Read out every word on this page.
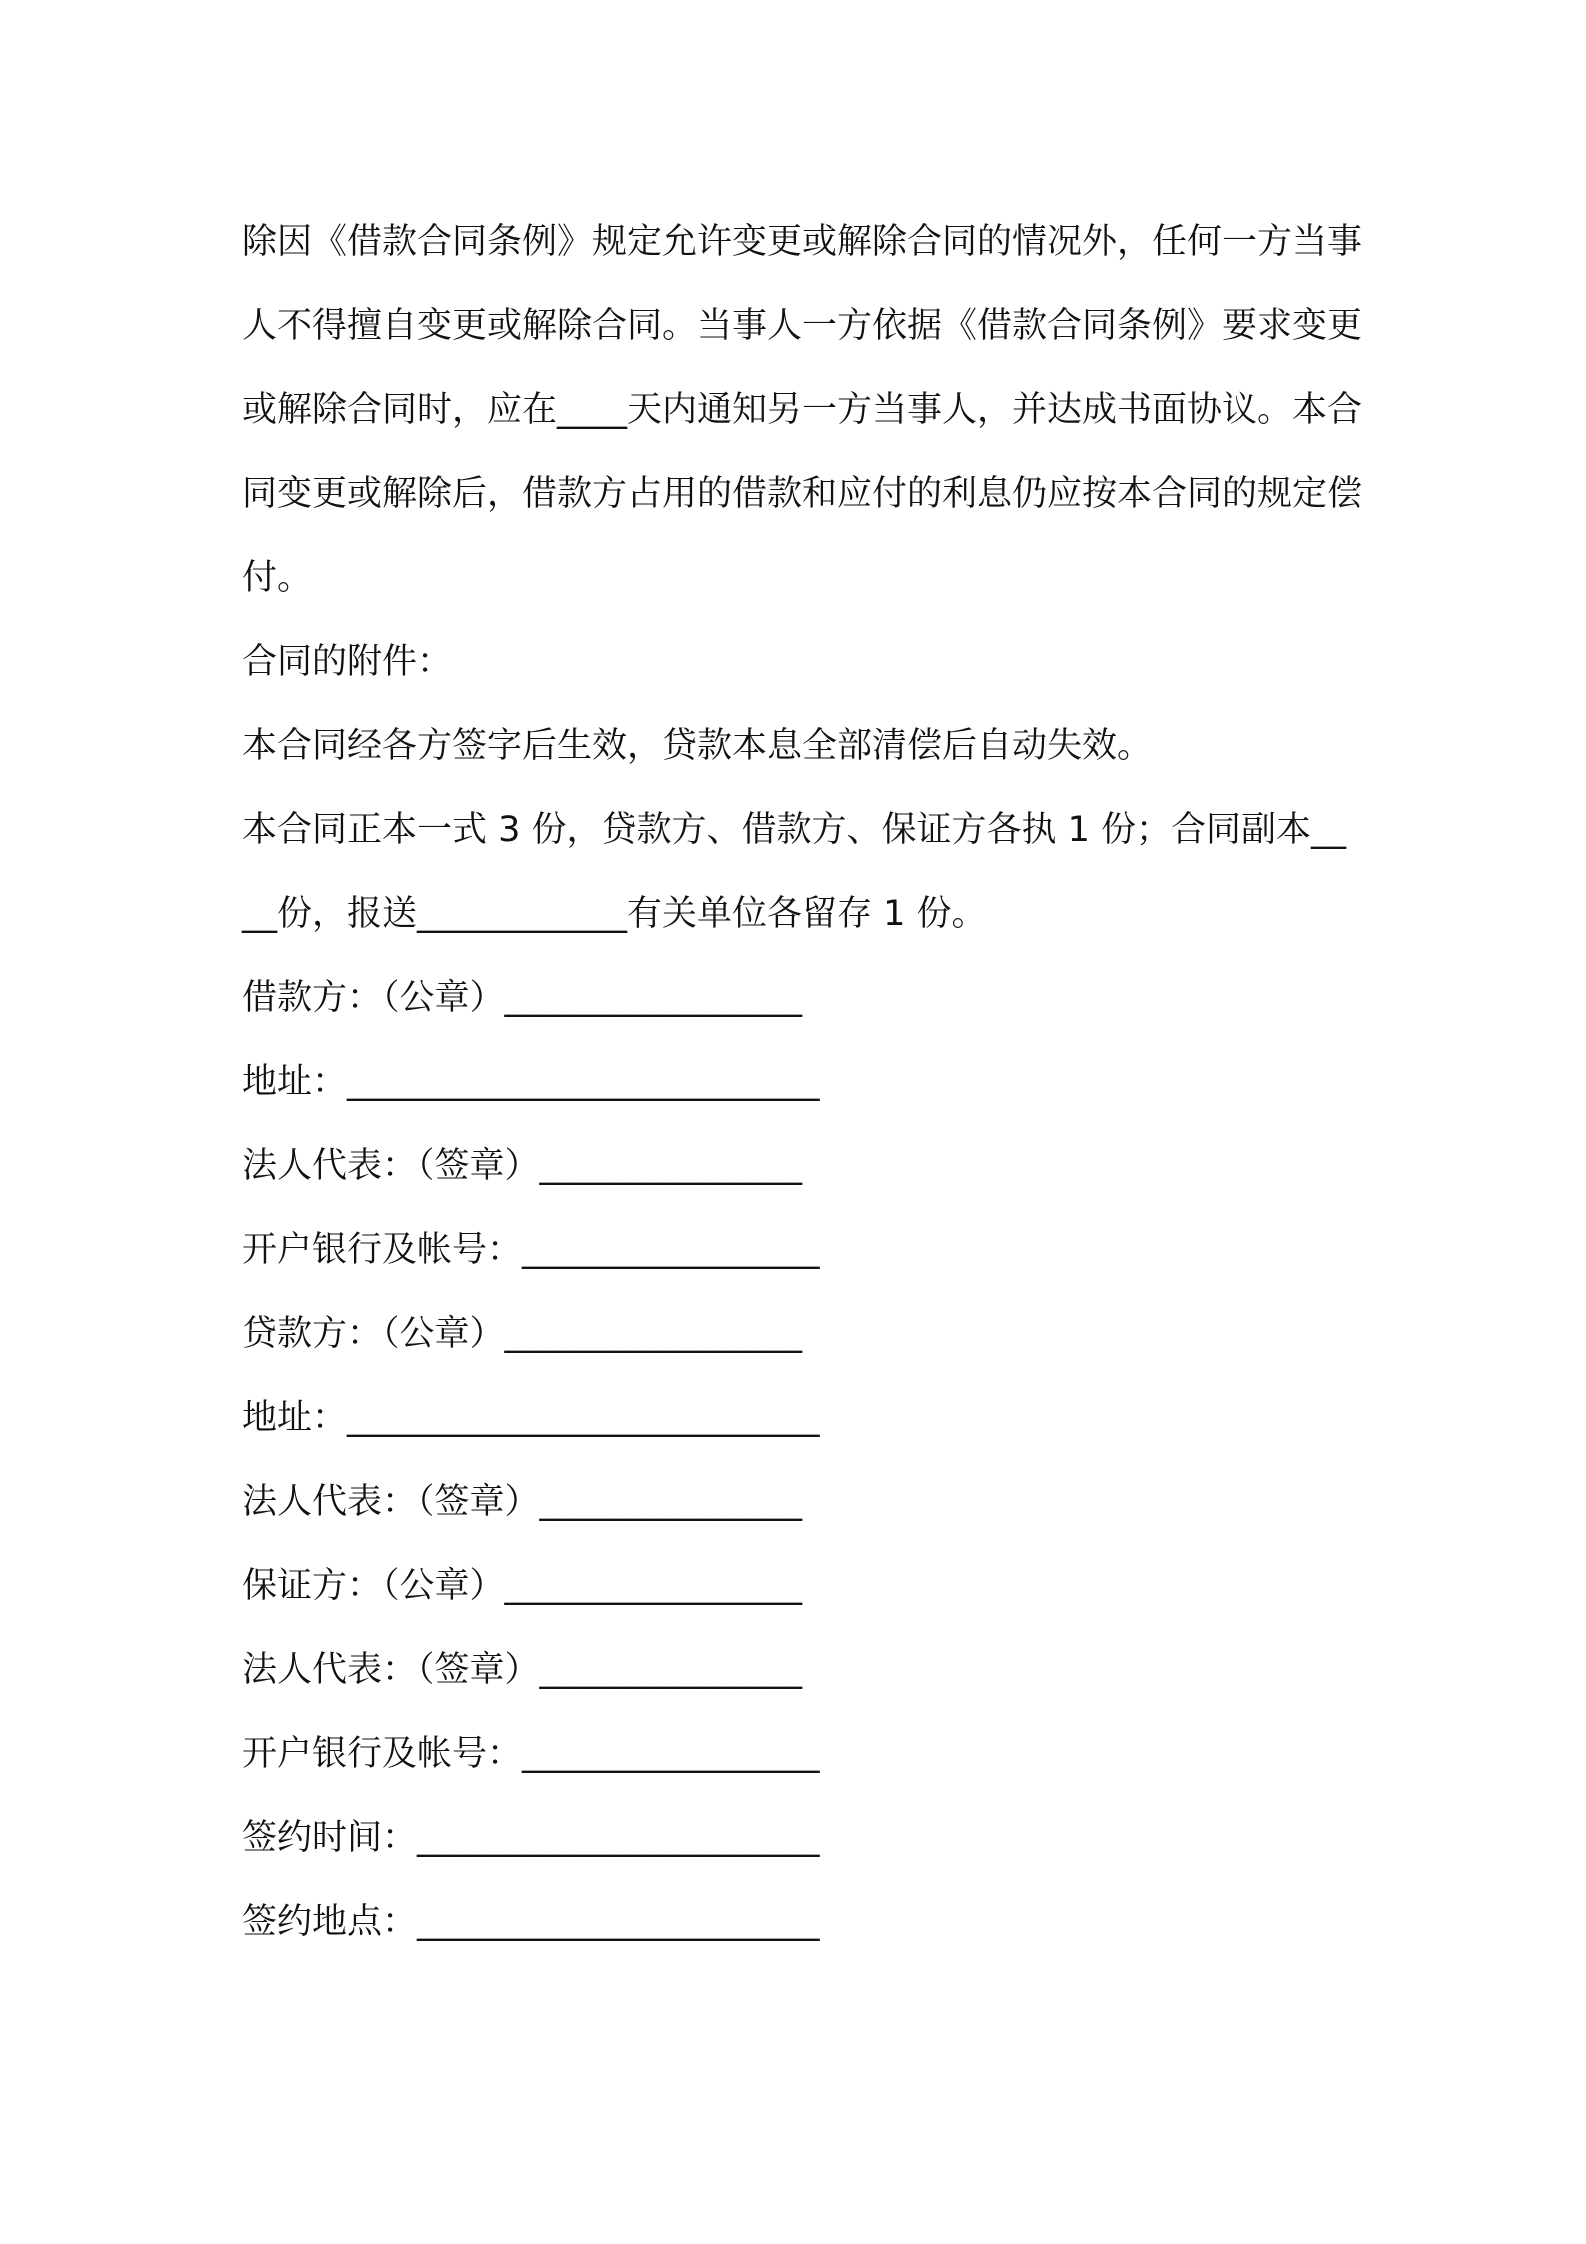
除因《借款合同条例》规定允许变更或解除合同的情况外，任何一方当事人不得擅自变更或解除合同。当事人一方依据《借款合同条例》要求变更或解除合同时，应在____天内通知另一方当事人，并达成书面协议。本合同变更或解除后，借款方占用的借款和应付的利息仍应按本合同的规定偿付。

合同的附件：

本合同经各方签字后生效，贷款本息全部清偿后自动失效。

本合同正本一式 3 份，贷款方、借款方、保证方各执 1 份；合同副本____份，报送____________有关单位各留存 1 份。

借款方：（公章）_________________

地址：___________________________

法人代表：（签章）_______________

开户银行及帐号：_________________

贷款方：（公章）_________________

地址：___________________________

法人代表：（签章）_______________

保证方：（公章）_________________

法人代表：（签章）_______________

开户银行及帐号：_________________

签约时间：_______________________

签约地点：_______________________
